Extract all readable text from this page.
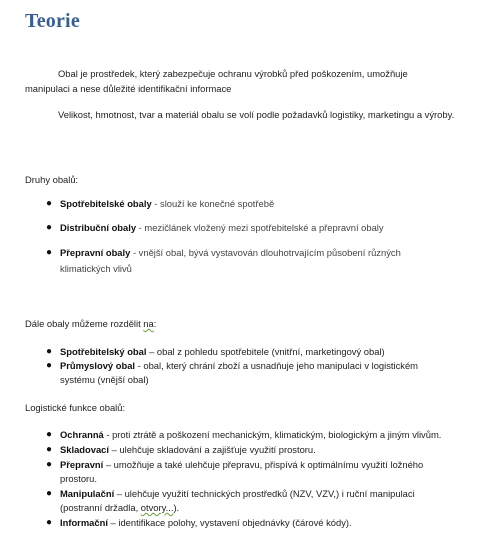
Teorie
Obal je prostředek, který zabezpečuje ochranu výrobků před poškozením, umožňuje manipulaci a nese důležité identifikační informace
Velikost, hmotnost, tvar a materiál obalu se volí podle požadavků logistiky, marketingu a výroby.
Druhy obalů:
● Spotřebitelské obaly - slouží ke konečné spotřebě
● Distribuční obaly - mezičlánek vložený mezi spotřebitelské a přepravní obaly
● Přepravní obaly - vnější obal, bývá vystavován dlouhotrvajícím působení různých klimatických vlivů
Dále obaly můžeme rozdělit na:
● Spotřebitelský obal – obal z pohledu spotřebitele (vnitřní, marketingový obal)
● Průmyslový obal - obal, který chrání zboží a usnadňuje jeho manipulaci v logistickém systému (vnější obal)
Logistické funkce obalů:
● Ochranná - proti ztrátě a poškození mechanickým, klimatickým, biologickým a jiným vlivům.
● Skladovací – ulehčuje skladování a zajišťuje využití prostoru.
● Přepravní – umožňuje a také ulehčuje přepravu, přispívá k optimálnímu využití ložného prostoru.
● Manipulační – ulehčuje využití technických prostředků (NZV, VZV,) i ruční manipulaci (postranní držadla, otvory...).
● Informační – identifikace polohy, vystavení objednávky (čárové kódy).
